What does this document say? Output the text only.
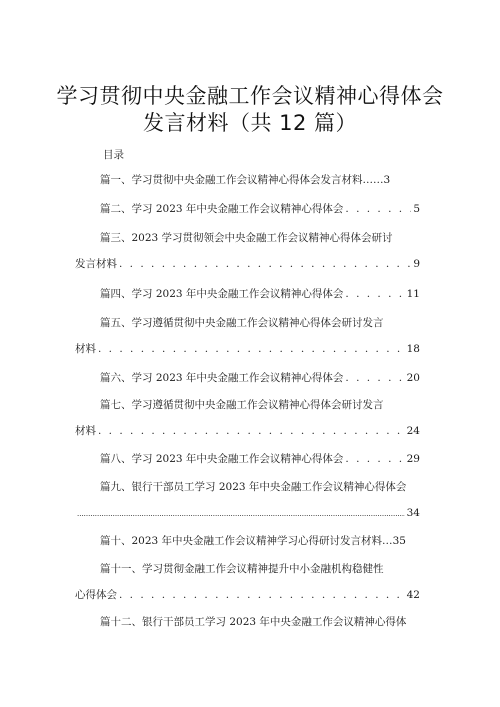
学习贯彻中央金融工作会议精神心得体会
发言材料（共 12 篇）
目录
篇一、学习贯彻中央金融工作会议精神心得体会发言材料…… 3
篇二、学习 2023 年中央金融工作会议精神心得体会 . . .	5
篇三、2023 学习贯彻领会中央金融工作会议精神心得体会研讨
发言材料 . . .	9
篇四、学习 2023 年中央金融工作会议精神心得体会 . . .	11
篇五、学习遵循贯彻中央金融工作会议精神心得体会研讨发言
材料 . . .	18
篇六、学习 2023 年中央金融工作会议精神心得体会 . . .	20
篇七、学习遵循贯彻中央金融工作会议精神心得体会研讨发言
材料 . . .	24
篇八、学习 2023 年中央金融工作会议精神心得体会 . . .	29
篇九、银行干部员工学习 2023 年中央金融工作会议精神心得体会
.....
34
篇十、2023 年中央金融工作会议精神学习心得研讨发言材料… 35
篇十一、学习贯彻金融工作会议精神提升中小金融机构稳健性
心得体会 . . .	42
篇十二、银行干部员工学习 2023 年中央金融工作会议精神心得体
